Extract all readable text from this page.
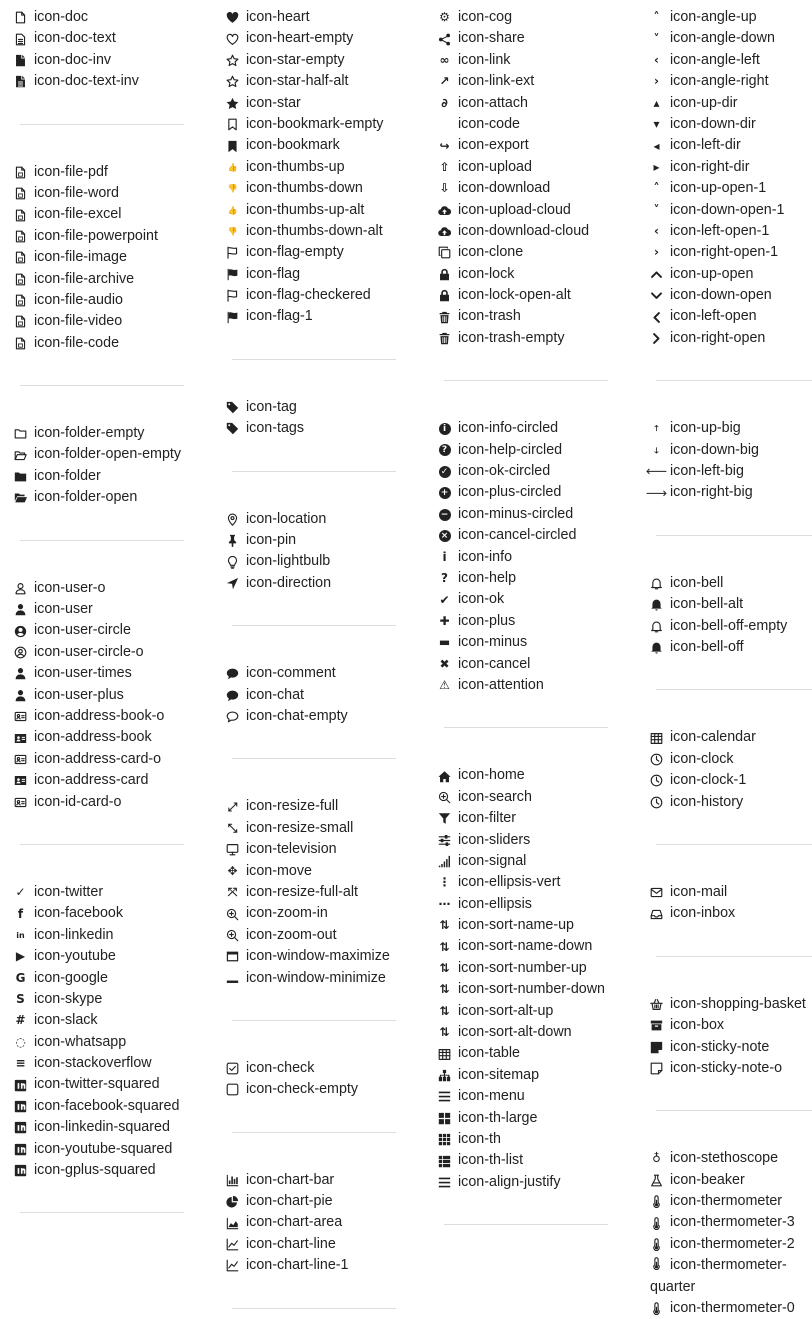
icon-doc
icon-doc-text
icon-doc-inv
icon-doc-text-inv
icon-file-pdf
icon-file-word
icon-file-excel
icon-file-powerpoint
icon-file-image
icon-file-archive
icon-file-audio
icon-file-video
icon-file-code
icon-folder-empty
icon-folder-open-empty
icon-folder
icon-folder-open
icon-user-o
icon-user
icon-user-circle
icon-user-circle-o
icon-user-times
icon-user-plus
icon-address-book-o
icon-address-book
icon-address-card-o
icon-address-card
icon-id-card-o
✓ icon-twitter
f icon-facebook
in icon-linkedin
▶ icon-youtube
G icon-google
S icon-skype
# icon-slack
◌ icon-whatsapp
≡ icon-stackoverflow
icon-twitter-squared
icon-facebook-squared
icon-linkedin-squared
icon-youtube-squared
icon-gplus-squared
icon-heart
icon-heart-empty
icon-star-empty
icon-star-half-alt
icon-star
icon-bookmark-empty
icon-bookmark
👍 icon-thumbs-up
👎 icon-thumbs-down
👍 icon-thumbs-up-alt
👎 icon-thumbs-down-alt
icon-flag-empty
icon-flag
icon-flag-checkered
icon-flag-1
icon-tag
icon-tags
icon-location
icon-pin
icon-lightbulb
icon-direction
icon-comment
icon-chat
icon-chat-empty
⤢ icon-resize-full
⤡ icon-resize-small
icon-television
✥ icon-move
⤧ icon-resize-full-alt
icon-zoom-in
icon-zoom-out
icon-window-maximize
icon-window-minimize
icon-check
icon-check-empty
icon-chart-bar
icon-chart-pie
icon-chart-area
icon-chart-line
icon-chart-line-1
⚙ icon-cog
icon-share
∞ icon-link
↗ icon-link-ext
∂ icon-attach
icon-code
↪ icon-export
⇧ icon-upload
⇩ icon-download
icon-upload-cloud
icon-download-cloud
icon-clone
icon-lock
icon-lock-open-alt
icon-trash
icon-trash-empty
i icon-info-circled
? icon-help-circled
✓ icon-ok-circled
+ icon-plus-circled
− icon-minus-circled
× icon-cancel-circled
i icon-info
? icon-help
✔ icon-ok
✚ icon-plus
▬ icon-minus
✖ icon-cancel
⚠ icon-attention
icon-home
icon-search
icon-filter
icon-sliders
icon-signal
⋮ icon-ellipsis-vert
⋯ icon-ellipsis
⇅ icon-sort-name-up
⇅ icon-sort-name-down
⇅ icon-sort-number-up
⇅ icon-sort-number-down
⇅ icon-sort-alt-up
⇅ icon-sort-alt-down
icon-table
icon-sitemap
icon-menu
icon-th-large
icon-th
icon-th-list
icon-align-justify
˄ icon-angle-up
˅ icon-angle-down
‹ icon-angle-left
› icon-angle-right
▴ icon-up-dir
▾ icon-down-dir
◂ icon-left-dir
▸ icon-right-dir
˄ icon-up-open-1
˅ icon-down-open-1
‹ icon-left-open-1
› icon-right-open-1
icon-up-open
icon-down-open
icon-left-open
icon-right-open
🡑 icon-up-big
🡓 icon-down-big
🡐 icon-left-big
🡒 icon-right-big
icon-bell
icon-bell-alt
icon-bell-off-empty
icon-bell-off
icon-calendar
icon-clock
icon-clock-1
icon-history
icon-mail
icon-inbox
icon-shopping-basket
icon-box
icon-sticky-note
icon-sticky-note-o
♁ icon-stethoscope
icon-beaker
icon-thermometer
icon-thermometer-3
icon-thermometer-2
icon-thermometer-quarter
icon-thermometer-0
